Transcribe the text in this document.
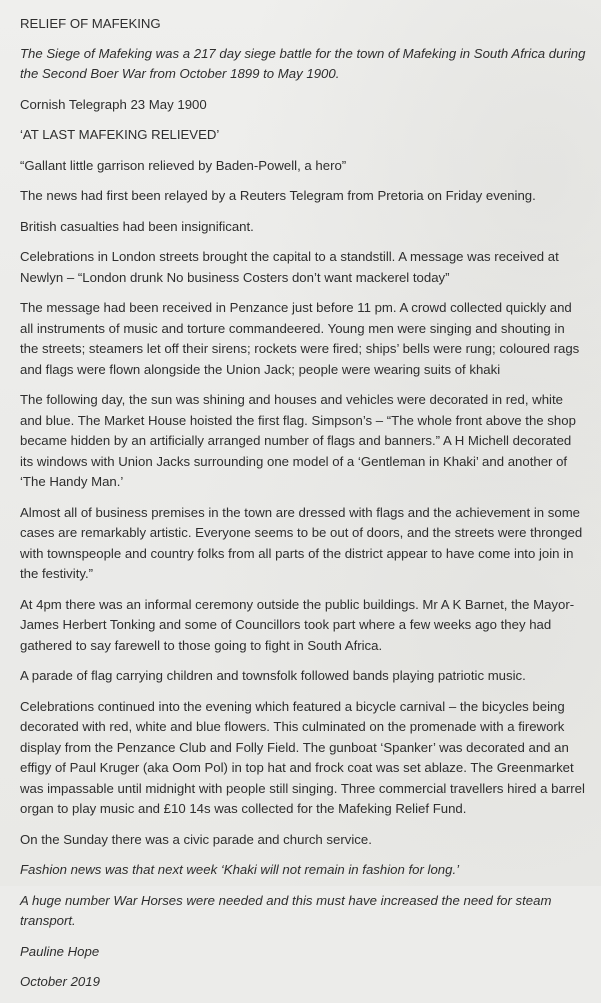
RELIEF OF MAFEKING

The Siege of Mafeking was a 217 day siege battle for the town of Mafeking in South Africa during the Second Boer War from October 1899 to May 1900.

Cornish Telegraph 23 May 1900

‘AT LAST MAFEKING RELIEVED’

“Gallant little garrison relieved by Baden-Powell, a hero”

The news had first been relayed by a Reuters Telegram from Pretoria on Friday evening.

British casualties had been insignificant.

Celebrations in London streets brought the capital to a standstill. A message was received at Newlyn – “London drunk No business Costers don’t want mackerel today”

The message had been received in Penzance just before 11 pm. A crowd collected quickly and all instruments of music and torture commandeered. Young men were singing and shouting in the streets; steamers let off their sirens; rockets were fired; ships’ bells were rung; coloured rags and flags were flown alongside the Union Jack; people were wearing suits of khaki

The following day, the sun was shining and houses and vehicles were decorated in red, white and blue. The Market House hoisted the first flag. Simpson’s – “The whole front above the shop became hidden by an artificially arranged number of flags and banners.” A H Michell decorated its windows with Union Jacks surrounding one model of a ‘Gentleman in Khaki’ and another of ‘The Handy Man.’

Almost all of business premises in the town are dressed with flags and the achievement in some cases are remarkably artistic. Everyone seems to be out of doors, and the streets were thronged with townspeople and country folks from all parts of the district appear to have come into join in the festivity.”

At 4pm there was an informal ceremony outside the public buildings. Mr A K Barnet, the Mayor- James Herbert Tonking and some of Councillors took part where a few weeks ago they had gathered to say farewell to those going to fight in South Africa.

A parade of flag carrying children and townsfolk followed bands playing patriotic music.

Celebrations continued into the evening which featured a bicycle carnival – the bicycles being decorated with red, white and blue flowers. This culminated on the promenade with a firework display from the Penzance Club and Folly Field. The gunboat ‘Spanker’ was decorated and an effigy of Paul Kruger (aka Oom Pol) in top hat and frock coat was set ablaze. The Greenmarket was impassable until midnight with people still singing. Three commercial travellers hired a barrel organ to play music and £10 14s was collected for the Mafeking Relief Fund.

On the Sunday there was a civic parade and church service.

Fashion news was that next week ‘Khaki will not remain in fashion for long.’

A huge number War Horses were needed and this must have increased the need for steam transport.

Pauline Hope

October 2019
